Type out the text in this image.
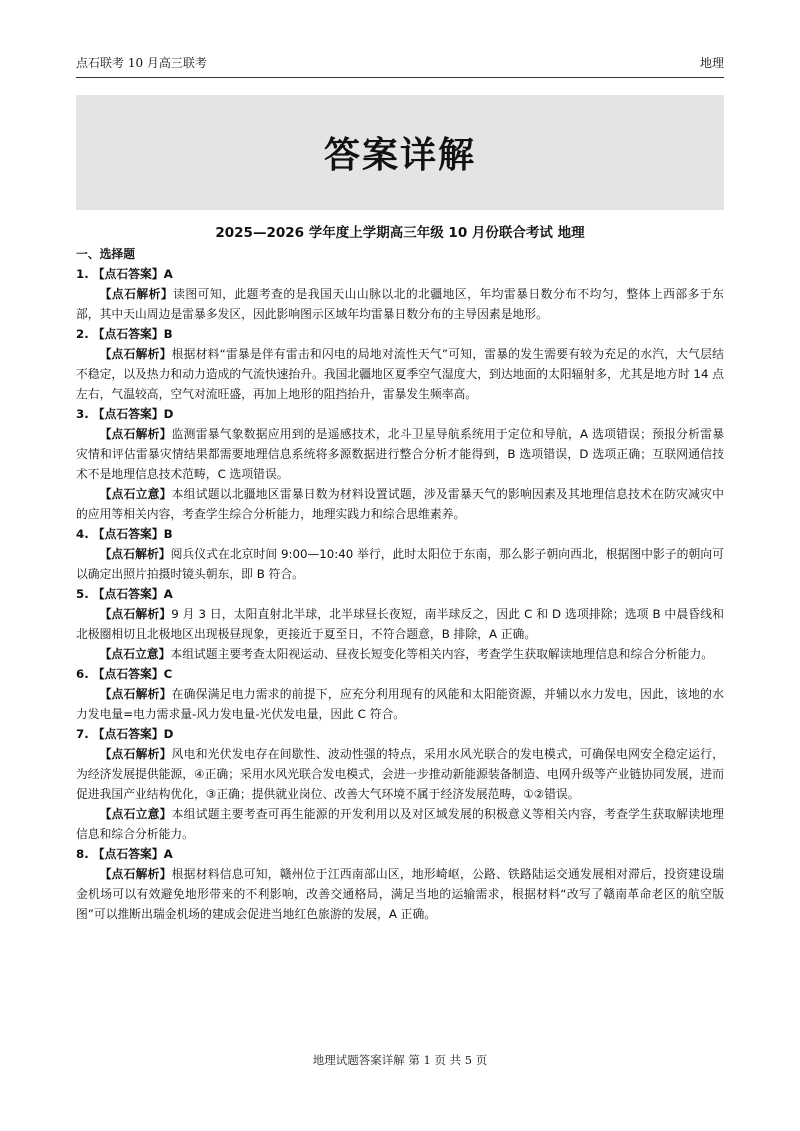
点石联考 10 月高三联考	地理
答案详解
2025—2026 学年度上学期高三年级 10 月份联合考试 地理

一、选择题

1. 【点石答案】A

【点石解析】读图可知，此题考查的是我国天山山脉以北的北疆地区，年均雷暴日数分布不均匀，整体上西部多于东部，其中天山周边是雷暴多发区，因此影响图示区域年均雷暴日数分布的主导因素是地形。

2. 【点石答案】B

【点石解析】根据材料“雷暴是伴有雷击和闪电的局地对流性天气”可知，雷暴的发生需要有较为充足的水汽，大气层结不稳定，以及热力和动力造成的气流快速抬升。我国北疆地区夏季空气湿度大，到达地面的太阳辐射多，尤其是地方时 14 点左右，气温较高，空气对流旺盛，再加上地形的阻挡抬升，雷暴发生频率高。

3. 【点石答案】D

【点石解析】监测雷暴气象数据应用到的是遥感技术，北斗卫星导航系统用于定位和导航，A 选项错误；预报分析雷暴灾情和评估雷暴灾情结果都需要地理信息系统将多源数据进行整合分析才能得到，B 选项错误，D 选项正确；互联网通信技术不是地理信息技术范畴，C 选项错误。

【点石立意】本组试题以北疆地区雷暴日数为材料设置试题，涉及雷暴天气的影响因素及其地理信息技术在防灾减灾中的应用等相关内容，考查学生综合分析能力，地理实践力和综合思维素养。

4. 【点石答案】B

【点石解析】阅兵仪式在北京时间 9:00—10:40 举行，此时太阳位于东南，那么影子朝向西北，根据图中影子的朝向可以确定出照片拍摄时镜头朝东，即 B 符合。

5. 【点石答案】A

【点石解析】9 月 3 日，太阳直射北半球，北半球昼长夜短，南半球反之，因此 C 和 D 选项排除；选项 B 中晨昏线和北极圈相切且北极地区出现极昼现象，更接近于夏至日，不符合题意，B 排除，A 正确。

【点石立意】本组试题主要考查太阳视运动、昼夜长短变化等相关内容，考查学生获取解读地理信息和综合分析能力。

6. 【点石答案】C

【点石解析】在确保满足电力需求的前提下，应充分利用现有的风能和太阳能资源，并辅以水力发电，因此，该地的水力发电量=电力需求量-风力发电量-光伏发电量，因此 C 符合。

7. 【点石答案】D

【点石解析】风电和光伏发电存在间歇性、波动性强的特点，采用水风光联合的发电模式，可确保电网安全稳定运行，为经济发展提供能源，④正确；采用水风光联合发电模式，会进一步推动新能源装备制造、电网升级等产业链协同发展，进而促进我国产业结构优化，③正确；提供就业岗位、改善大气环境不属于经济发展范畴，①②错误。

【点石立意】本组试题主要考查可再生能源的开发利用以及对区域发展的积极意义等相关内容，考查学生获取解读地理信息和综合分析能力。

8. 【点石答案】A

【点石解析】根据材料信息可知，赣州位于江西南部山区，地形崎岖，公路、铁路陆运交通发展相对滞后，投资建设瑞金机场可以有效避免地形带来的不利影响，改善交通格局，满足当地的运输需求，根据材料“改写了赣南革命老区的航空版图”可以推断出瑞金机场的建成会促进当地红色旅游的发展，A 正确。

地理试题答案详解 第 1 页 共 5 页
